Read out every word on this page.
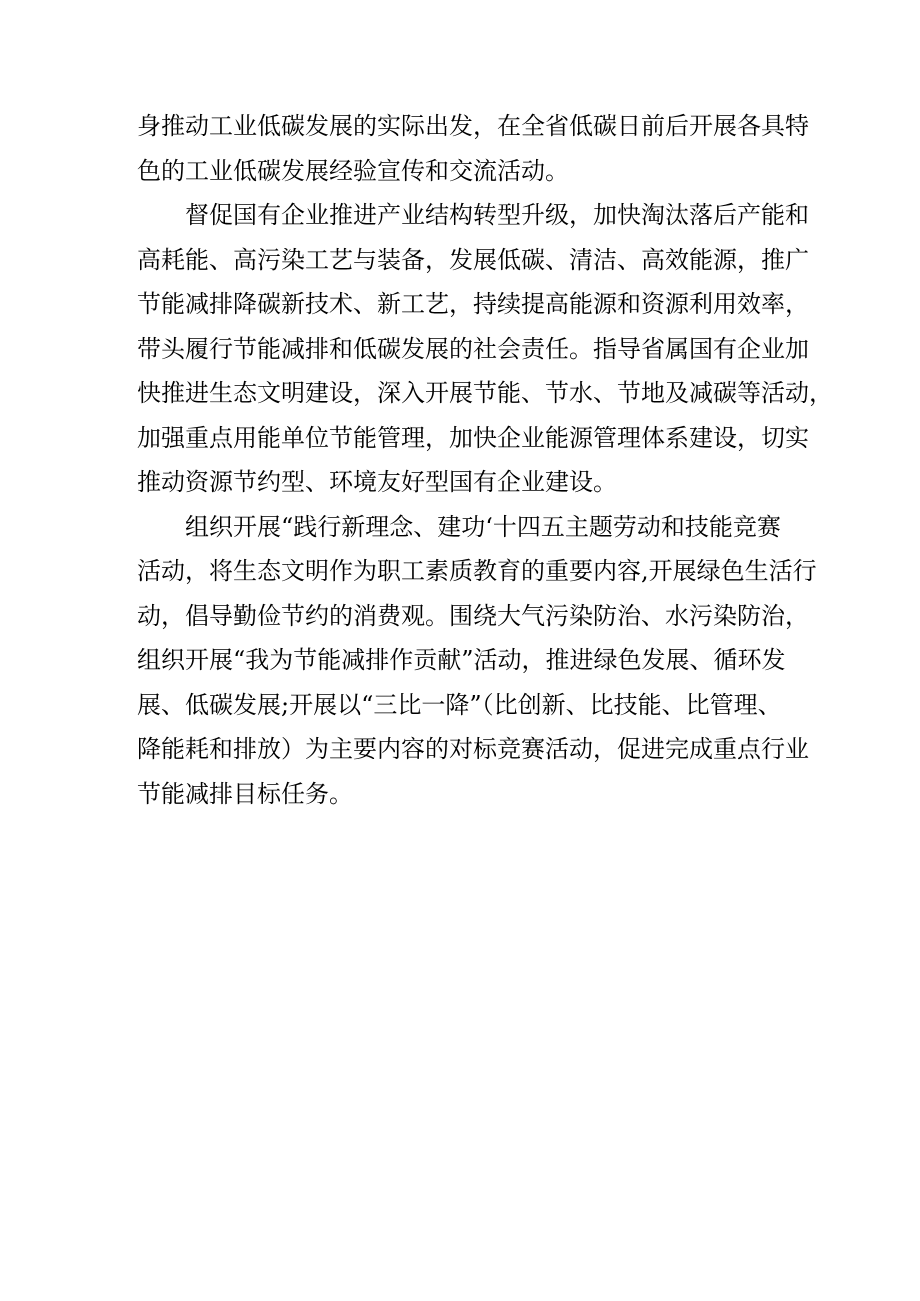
身推动工业低碳发展的实际出发，在全省低碳日前后开展各具特
色的工业低碳发展经验宣传和交流活动。
督促国有企业推进产业结构转型升级，加快淘汰落后产能和
高耗能、高污染工艺与装备，发展低碳、清洁、高效能源，推广
节能减排降碳新技术、新工艺，持续提高能源和资源利用效率，
带头履行节能减排和低碳发展的社会责任。指导省属国有企业加
快推进生态文明建设，深入开展节能、节水、节地及减碳等活动，
加强重点用能单位节能管理，加快企业能源管理体系建设，切实
推动资源节约型、环境友好型国有企业建设。
组织开展“践行新理念、建功‘十四五主题劳动和技能竞赛
活动，将生态文明作为职工素质教育的重要内容,开展绿色生活行
动，倡导勤俭节约的消费观。围绕大气污染防治、水污染防治，
组织开展“我为节能减排作贡献”活动，推进绿色发展、循环发
展、低碳发展;开展以“三比一降”（比创新、比技能、比管理、
降能耗和排放）为主要内容的对标竞赛活动，促进完成重点行业
节能减排目标任务。
